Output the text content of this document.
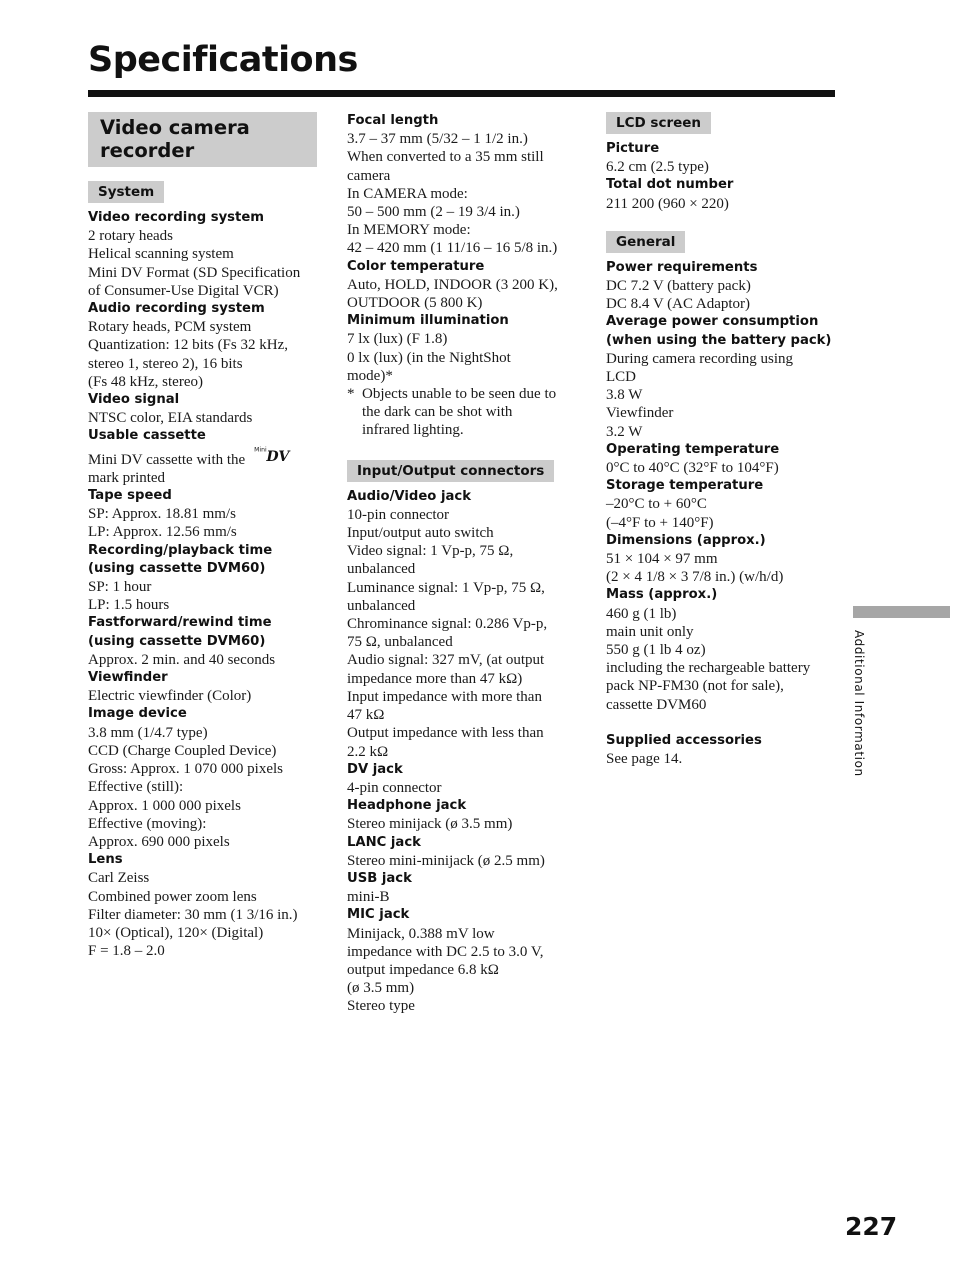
Specifications
Video camera recorder
System
Video recording system
2 rotary heads
Helical scanning system
Mini DV Format (SD Specification
of Consumer-Use Digital VCR)
Audio recording system
Rotary heads, PCM system
Quantization: 12 bits (Fs 32 kHz,
stereo 1, stereo 2), 16 bits
(Fs 48 kHz, stereo)
Video signal
NTSC color, EIA standards
Usable cassette
Mini DV cassette with the
Mini DV
mark printed
Tape speed
SP: Approx. 18.81 mm/s
LP: Approx. 12.56 mm/s
Recording/playback time
(using cassette DVM60)
SP: 1 hour
LP: 1.5 hours
Fastforward/rewind time
(using cassette DVM60)
Approx. 2 min. and 40 seconds
Viewfinder
Electric viewfinder (Color)
Image device
3.8 mm (1/4.7 type)
CCD (Charge Coupled Device)
Gross: Approx. 1 070 000 pixels
Effective (still):
Approx. 1 000 000 pixels
Effective (moving):
Approx. 690 000 pixels
Lens
Carl Zeiss
Combined power zoom lens
Filter diameter: 30 mm (1 3/16 in.)
10× (Optical), 120× (Digital)
F = 1.8 – 2.0
Focal length
3.7 – 37 mm (5/32 – 1 1/2 in.)
When converted to a 35 mm still
camera
In CAMERA mode:
50 – 500 mm (2 – 19 3/4 in.)
In MEMORY mode:
42 – 420 mm (1 11/16 – 16 5/8 in.)
Color temperature
Auto, HOLD, INDOOR (3 200 K),
OUTDOOR (5 800 K)
Minimum illumination
7 lx (lux) (F 1.8)
0 lx (lux) (in the NightShot
mode)*
* Objects unable to be seen due to
the dark can be shot with
infrared lighting.
Input/Output connectors
Audio/Video jack
10-pin connector
Input/output auto switch
Video signal: 1 Vp-p, 75 Ω,
unbalanced
Luminance signal: 1 Vp-p, 75 Ω,
unbalanced
Chrominance signal: 0.286 Vp-p,
75 Ω, unbalanced
Audio signal: 327 mV, (at output
impedance more than 47 kΩ)
Input impedance with more than
47 kΩ
Output impedance with less than
2.2 kΩ
DV jack
4-pin connector
Headphone jack
Stereo minijack (ø 3.5 mm)
LANC jack
Stereo mini-minijack (ø 2.5 mm)
USB jack
mini-B
MIC jack
Minijack, 0.388 mV low
impedance with DC 2.5 to 3.0 V,
output impedance 6.8 kΩ
(ø 3.5 mm)
Stereo type
LCD screen
Picture
6.2 cm (2.5 type)
Total dot number
211 200 (960 × 220)
General
Power requirements
DC 7.2 V (battery pack)
DC 8.4 V (AC Adaptor)
Average power consumption
(when using the battery pack)
During camera recording using
LCD
3.8 W
Viewfinder
3.2 W
Operating temperature
0°C to 40°C (32°F to 104°F)
Storage temperature
–20°C to + 60°C
(–4°F to + 140°F)
Dimensions (approx.)
51 × 104 × 97 mm
(2 × 4 1/8 × 3 7/8 in.) (w/h/d)
Mass (approx.)
460 g (1 lb)
main unit only
550 g (1 lb 4 oz)
including the rechargeable battery
pack NP-FM30 (not for sale),
cassette DVM60
Supplied accessories
See page 14.	Additional Information
227
